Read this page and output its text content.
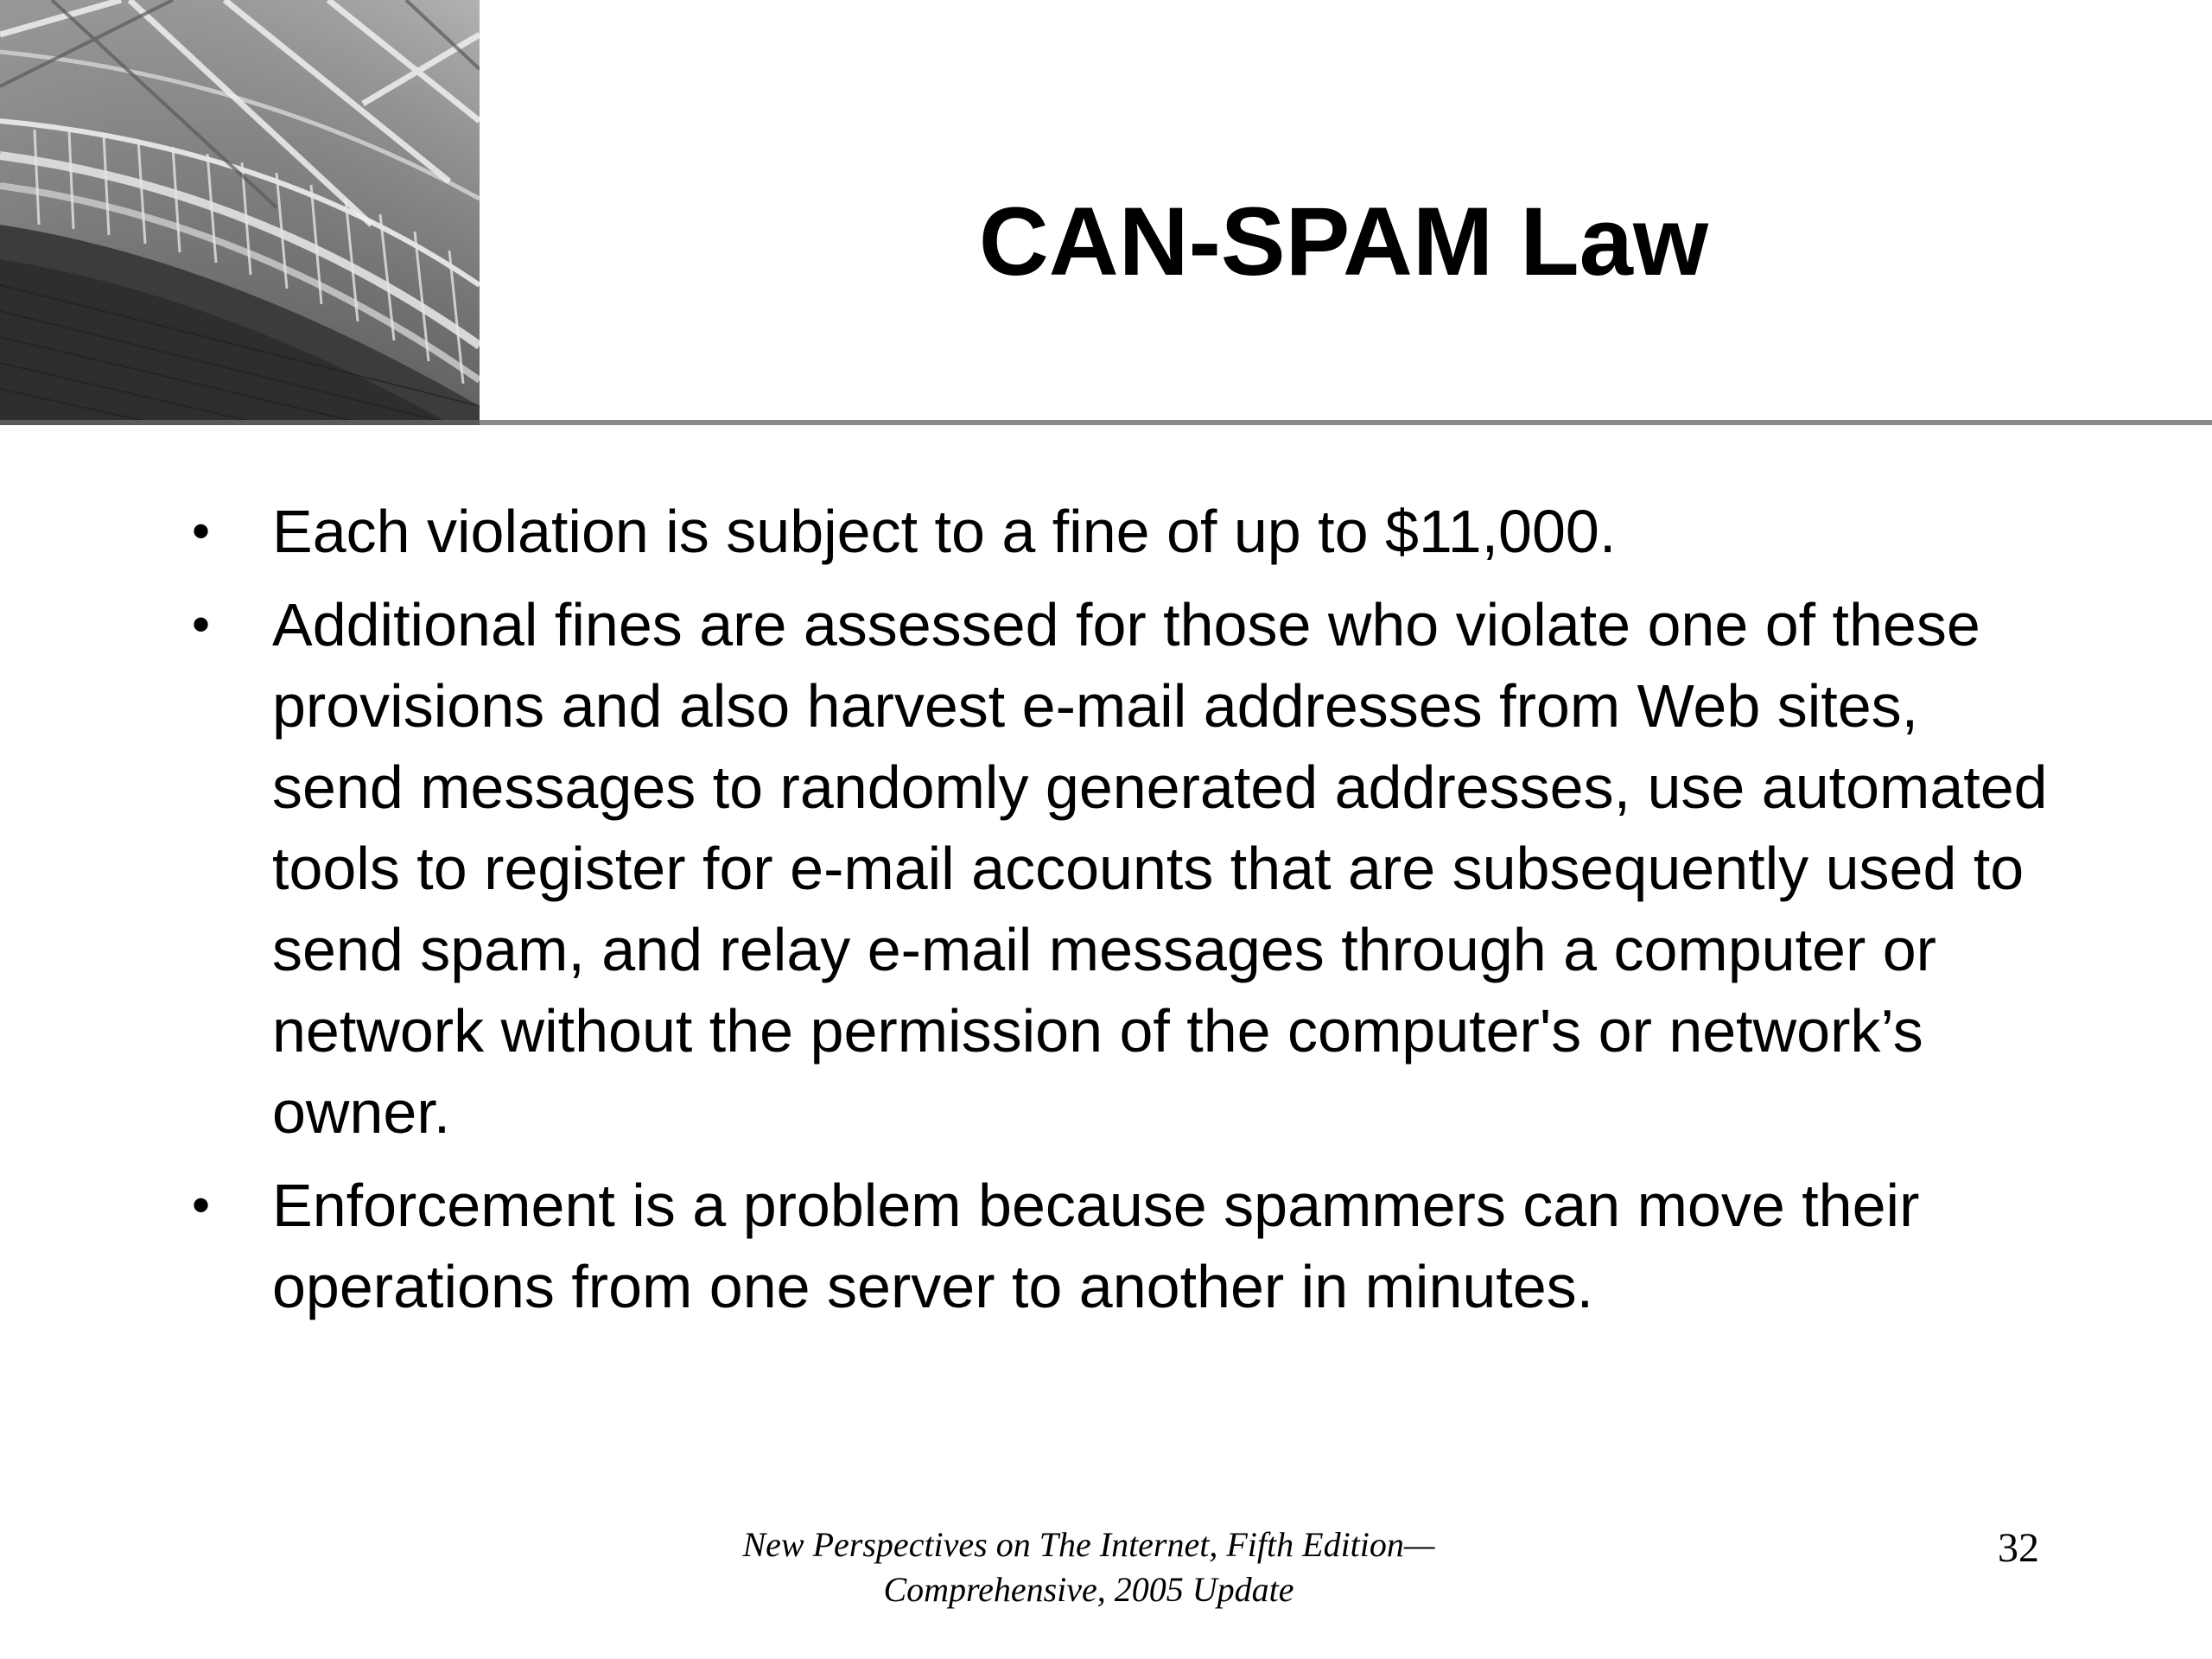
CAN-SPAM Law
• Each violation is subject to a fine of up to $11,000.
• Additional fines are assessed for those who violate one of these provisions and also harvest e-mail addresses from Web sites, send messages to randomly generated addresses, use automated tools to register for e-mail accounts that are subsequently used to send spam, and relay e-mail messages through a computer or network without the permission of the computer's or network’s owner.
• Enforcement is a problem because spammers can move their operations from one server to another in minutes.
New Perspectives on The Internet, Fifth Edition—
Comprehensive, 2005 Update
32
